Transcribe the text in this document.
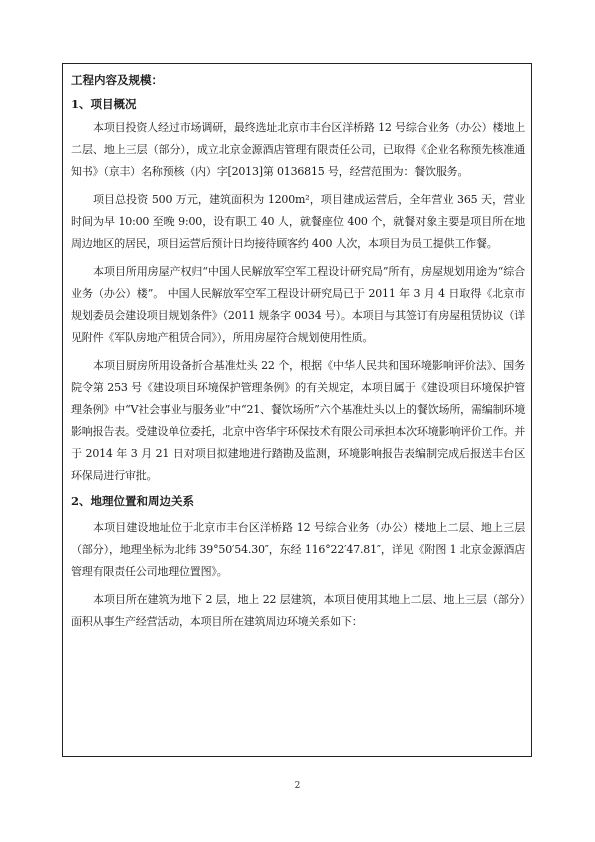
工程内容及规模：
1、项目概况
本项目投资人经过市场调研，最终选址北京市丰台区洋桥路 12 号综合业务（办公）楼地上二层、地上三层（部分），成立北京金源酒店管理有限责任公司，已取得《企业名称预先核准通知书》（京丰）名称预核（内）字[2013]第 0136815 号，经营范围为：餐饮服务。
项目总投资 500 万元，建筑面积为 1200m²，项目建成运营后，全年营业 365 天，营业时间为早 10:00 至晚 9:00，设有职工 40 人，就餐座位 400 个，就餐对象主要是项目所在地周边地区的居民，项目运营后预计日均接待顾客约 400 人次，本项目为员工提供工作餐。
本项目所用房屋产权归“中国人民解放军空军工程设计研究局”所有，房屋规划用途为“综合业务（办公）楼”。 中国人民解放军空军工程设计研究局已于 2011 年 3 月 4 日取得《北京市规划委员会建设项目规划条件》（2011 规条字 0034 号）。本项目与其签订有房屋租赁协议（详见附件《军队房地产租赁合同》），所用房屋符合规划使用性质。
本项目厨房所用设备折合基准灶头 22 个，根据《中华人民共和国环境影响评价法》、国务院令第 253 号《建设项目环境保护管理条例》的有关规定，本项目属于《建设项目环境保护管理条例》中“Ⅴ社会事业与服务业”中“21、餐饮场所”六个基准灶头以上的餐饮场所，需编制环境影响报告表。受建设单位委托，北京中咨华宇环保技术有限公司承担本次环境影响评价工作。并于 2014 年 3 月 21 日对项目拟建地进行踏勘及监测，环境影响报告表编制完成后报送丰台区环保局进行审批。
2、地理位置和周边关系
本项目建设地址位于北京市丰台区洋桥路 12 号综合业务（办公）楼地上二层、地上三层（部分），地理坐标为北纬 39°50′54.30″，东经 116°22′47.81″，详见《附图 1 北京金源酒店管理有限责任公司地理位置图》。
本项目所在建筑为地下 2 层，地上 22 层建筑，本项目使用其地上二层、地上三层（部分）面积从事生产经营活动，本项目所在建筑周边环境关系如下：
2
